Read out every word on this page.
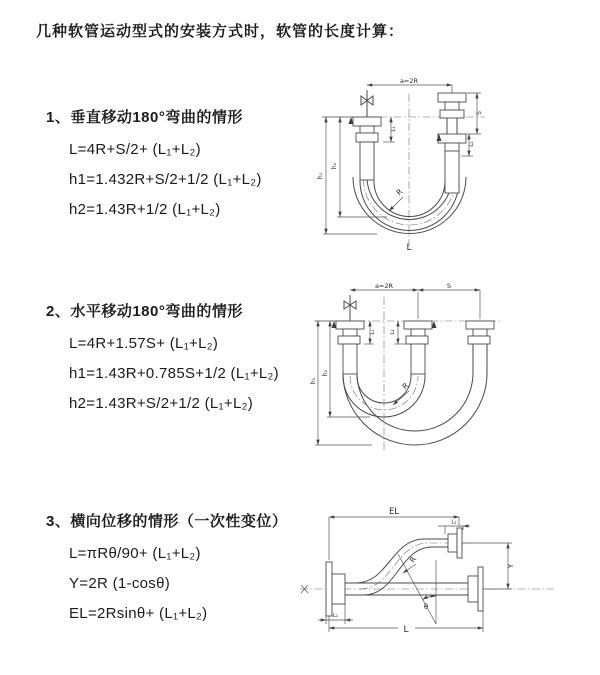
几种软管运动型式的安装方式时，软管的长度计算：
1、垂直移动180°弯曲的情形
L=4R+S/2+ (L₁+L₂)
h1=1.432R+S/2+1/2 (L₁+L₂)
h2=1.43R+1/2 (L₁+L₂)
2、水平移动180°弯曲的情形
L=4R+1.57S+ (L₁+L₂)
h1=1.43R+0.785S+1/2 (L₁+L₂)
h2=1.43R+S/2+1/2 (L₁+L₂)
3、横向位移的情形（一次性变位）
L=πRθ/90+ (L₁+L₂)
Y=2R (1-cosθ)
EL=2Rsinθ+ (L₁+L₂)
a=2R
S
L₂
L₁
h₁
h₂
R
L
a=2R	S
h₁
h₂
L₁	L₂
R
EL
L₂
Y
R
θ
L₁
L
